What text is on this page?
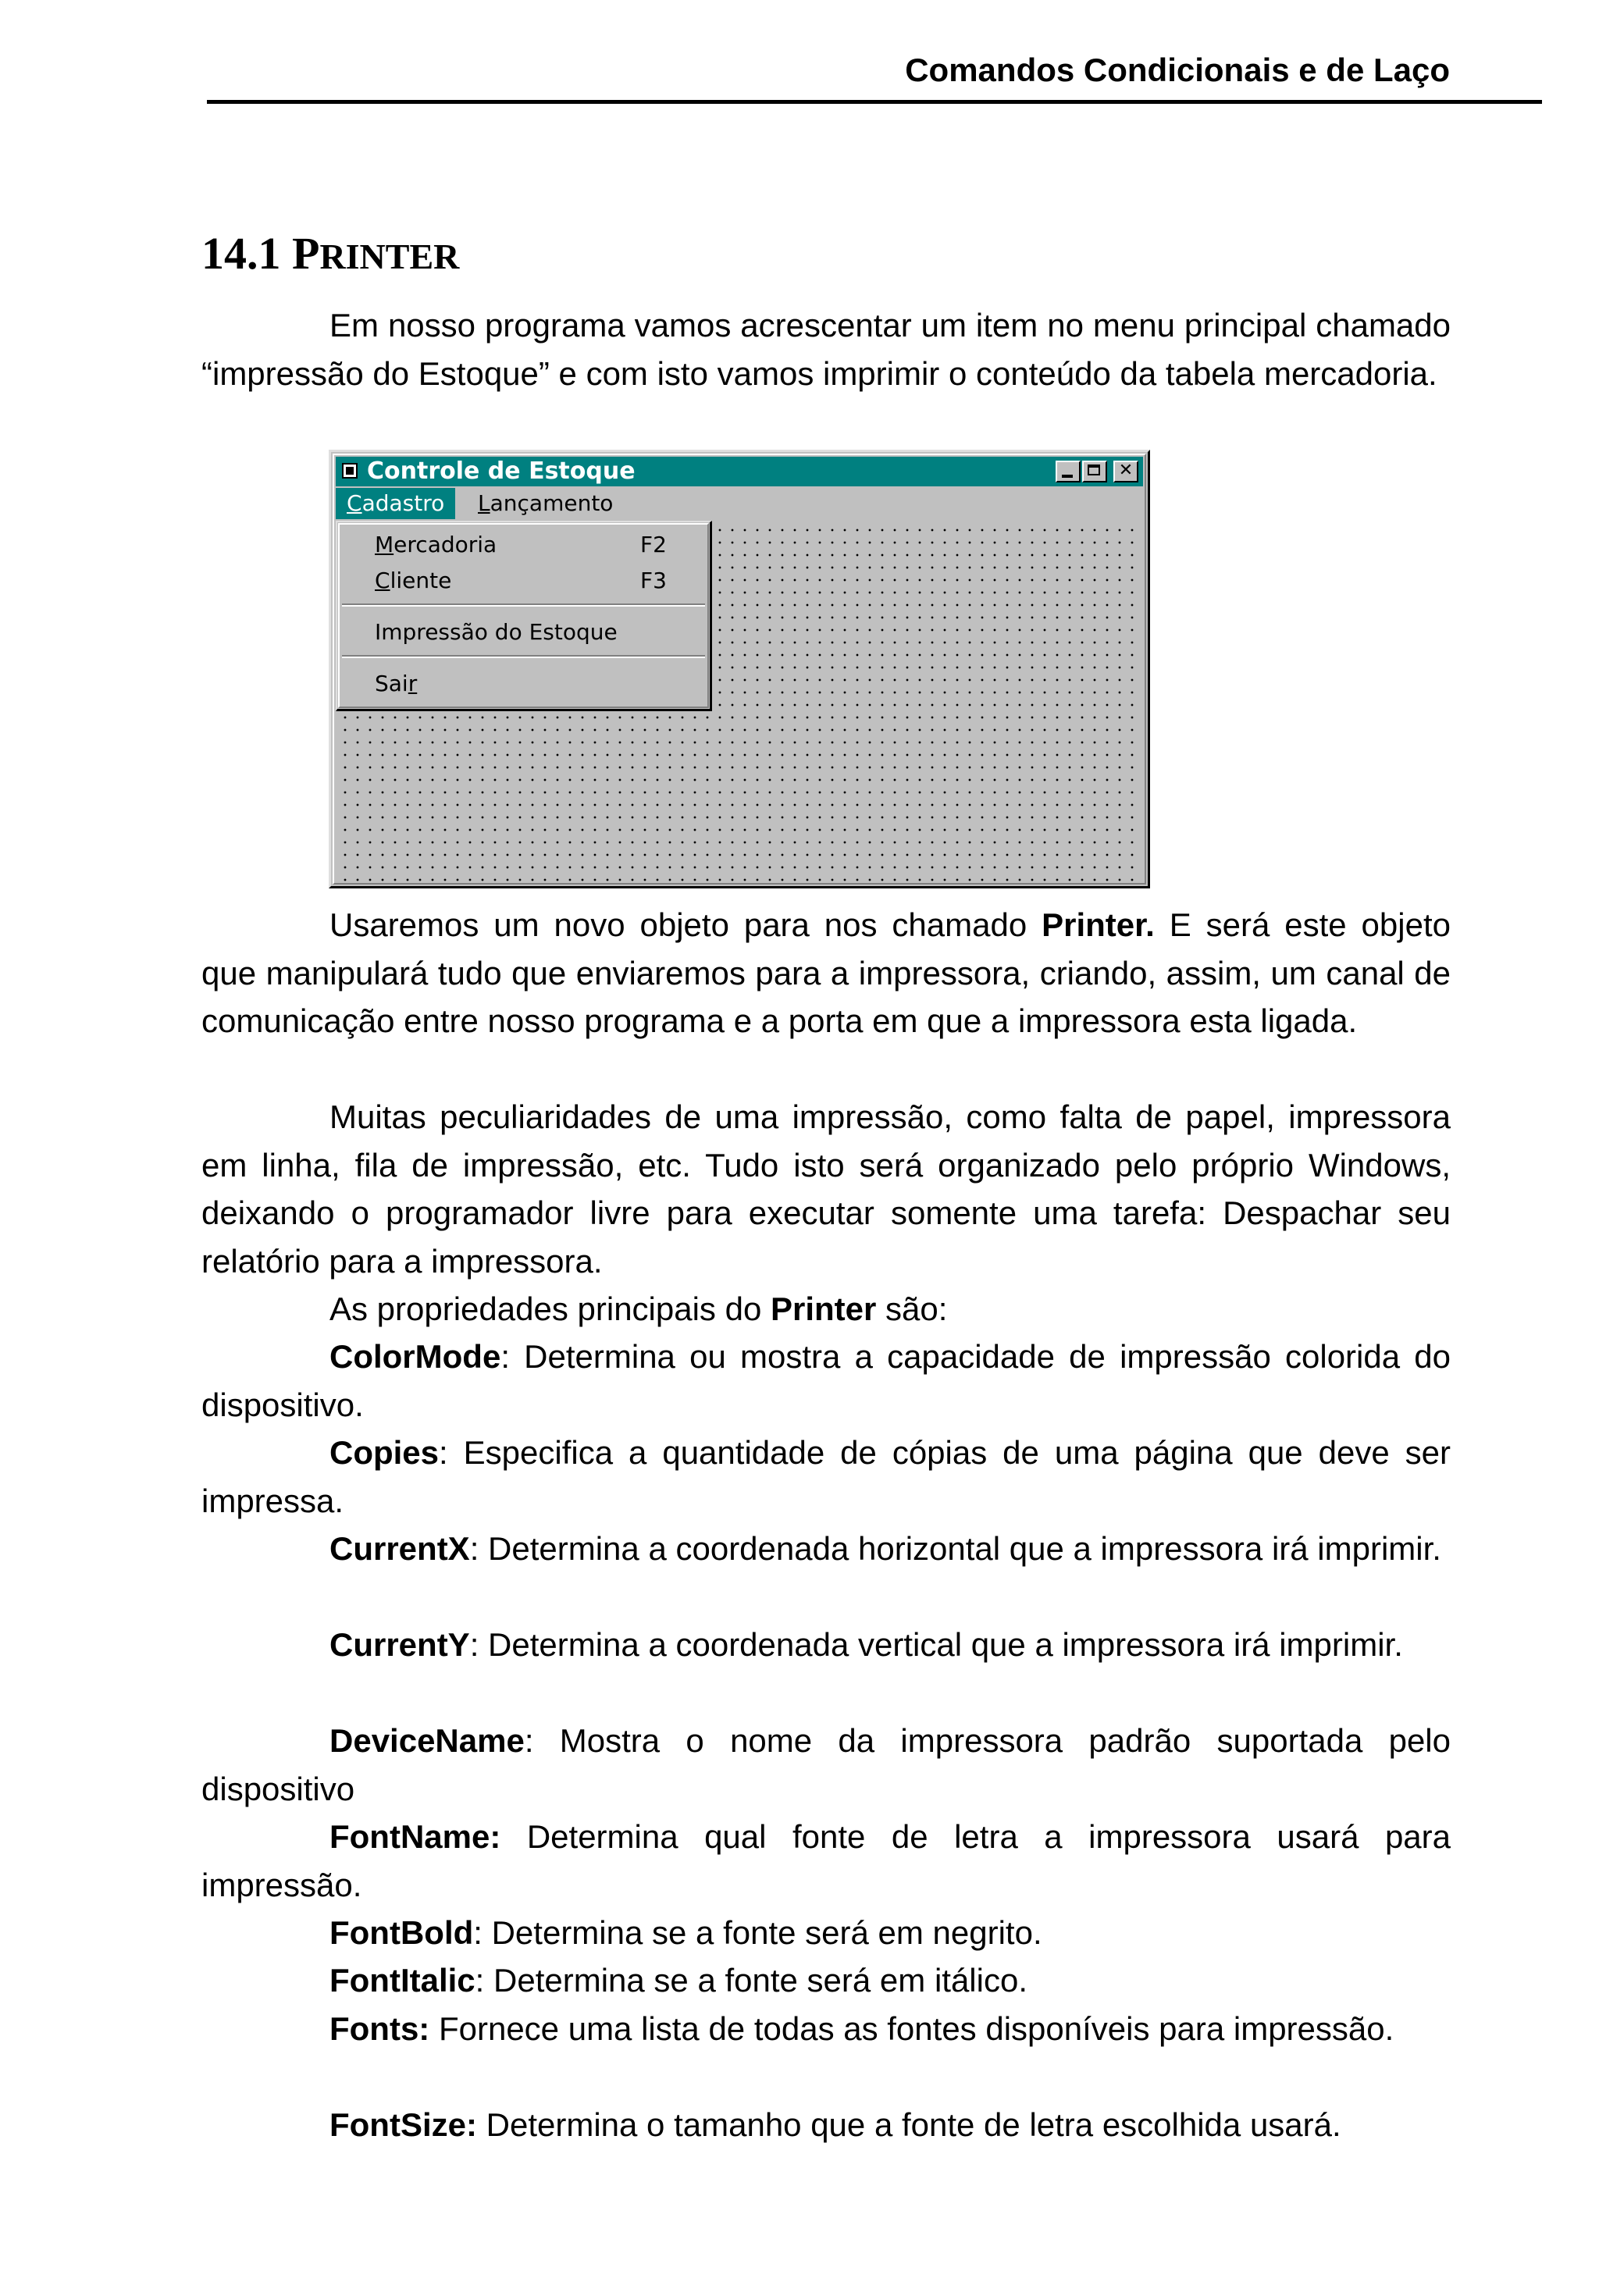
Comandos Condicionais e de Laço
14.1 PRINTER
Em nosso programa vamos acrescentar um item no menu principal chamado “impressão do Estoque” e com isto vamos imprimir o conteúdo da tabela mercadoria.
Controle de Estoque	✕
Cadastro	Lançamento
Mercadoria	F2
Cliente	F3
Impressão do Estoque
Sair
Usaremos um novo objeto para nos chamado Printer. E será este objeto que manipulará tudo que enviaremos para a impressora, criando, assim, um canal de comunicação entre nosso programa e a porta em que a impressora esta ligada.
Muitas peculiaridades de uma impressão, como falta de papel, impressora em linha, fila de impressão, etc. Tudo isto será organizado pelo próprio Windows, deixando o programador livre para executar somente uma tarefa: Despachar seu relatório para a impressora.
As propriedades principais do Printer são:
ColorMode: Determina ou mostra a capacidade de impressão colorida do dispositivo.
Copies: Especifica a quantidade de cópias de uma página que deve ser impressa.
CurrentX: Determina a coordenada horizontal que a impressora irá imprimir.
CurrentY: Determina a coordenada vertical que a impressora irá imprimir.
DeviceName: Mostra o nome da impressora padrão suportada pelo dispositivo
FontName: Determina qual fonte de letra a impressora usará para impressão.
FontBold: Determina se a fonte será em negrito.
FontItalic: Determina se a fonte será em itálico.
Fonts: Fornece uma lista de todas as fontes disponíveis para impressão.
FontSize: Determina o tamanho que a fonte de letra escolhida usará.
